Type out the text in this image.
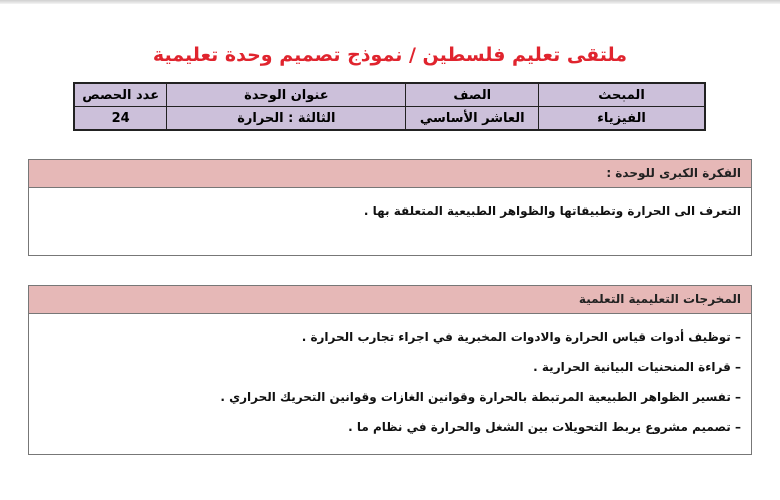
ملتقى تعليم فلسطين / نموذج تصميم وحدة تعليمية
المبحث	الصف	عنوان الوحدة	عدد الحصص
الفيزياء	العاشر الأساسي	الثالثة : الحرارة	24
الفكرة الكبرى للوحدة :
التعرف الى الحرارة وتطبيقاتها والظواهر الطبيعية المتعلقة بها .
المخرجات التعليمية التعلمية
– توظيف أدوات قياس الحرارة والادوات المخبرية في اجراء تجارب الحرارة .
– قراءة المنحنيات البيانية الحرارية .
– تفسير الظواهر الطبيعية المرتبطة بالحرارة وقوانين الغازات وقوانين التحريك الحراري .
– تصميم مشروع يربط التحويلات بين الشغل والحرارة في نظام ما .
